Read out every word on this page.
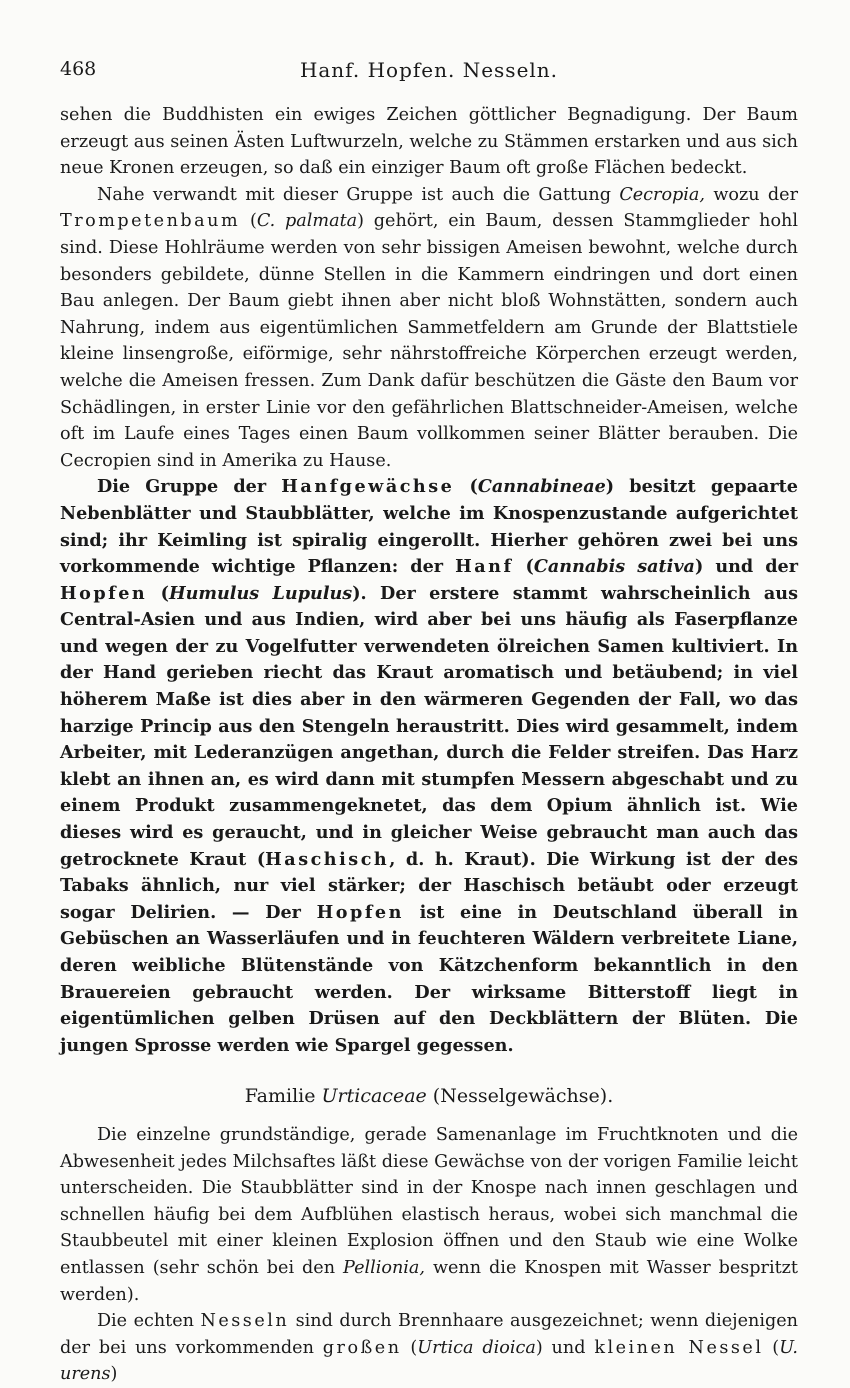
468	Hanf. Hopfen. Nesseln.

sehen die Buddhisten ein ewiges Zeichen göttlicher Begnadigung. Der Baum erzeugt aus seinen Ästen Luftwurzeln, welche zu Stämmen erstarken und aus sich neue Kronen erzeugen, so daß ein einziger Baum oft große Flächen bedeckt.

Nahe verwandt mit dieser Gruppe ist auch die Gattung Cecropia, wozu der Trompetenbaum (C. palmata) gehört, ein Baum, dessen Stammglieder hohl sind. Diese Hohlräume werden von sehr bissigen Ameisen bewohnt, welche durch besonders gebildete, dünne Stellen in die Kammern eindringen und dort einen Bau anlegen. Der Baum giebt ihnen aber nicht bloß Wohnstätten, sondern auch Nahrung, indem aus eigentümlichen Sammetfeldern am Grunde der Blattstiele kleine linsengroße, eiförmige, sehr nährstoffreiche Körperchen erzeugt werden, welche die Ameisen fressen. Zum Dank dafür beschützen die Gäste den Baum vor Schädlingen, in erster Linie vor den gefährlichen Blattschneider-Ameisen, welche oft im Laufe eines Tages einen Baum vollkommen seiner Blätter berauben. Die Cecropien sind in Amerika zu Hause.

Die Gruppe der Hanfgewächse (Cannabineae) besitzt gepaarte Nebenblätter und Staubblätter, welche im Knospenzustande aufgerichtet sind; ihr Keimling ist spiralig eingerollt. Hierher gehören zwei bei uns vorkommende wichtige Pflanzen: der Hanf (Cannabis sativa) und der Hopfen (Humulus Lupulus). Der erstere stammt wahrscheinlich aus Central-Asien und aus Indien, wird aber bei uns häufig als Faserpflanze und wegen der zu Vogelfutter verwendeten ölreichen Samen kultiviert. In der Hand gerieben riecht das Kraut aromatisch und betäubend; in viel höherem Maße ist dies aber in den wärmeren Gegenden der Fall, wo das harzige Princip aus den Stengeln heraustritt. Dies wird gesammelt, indem Arbeiter, mit Lederanzügen angethan, durch die Felder streifen. Das Harz klebt an ihnen an, es wird dann mit stumpfen Messern abgeschabt und zu einem Produkt zusammengeknetet, das dem Opium ähnlich ist. Wie dieses wird es geraucht, und in gleicher Weise gebraucht man auch das getrocknete Kraut (Haschisch, d. h. Kraut). Die Wirkung ist der des Tabaks ähnlich, nur viel stärker; der Haschisch betäubt oder erzeugt sogar Delirien. — Der Hopfen ist eine in Deutschland überall in Gebüschen an Wasserläufen und in feuchteren Wäldern verbreitete Liane, deren weibliche Blütenstände von Kätzchenform bekanntlich in den Brauereien gebraucht werden. Der wirksame Bitterstoff liegt in eigentümlichen gelben Drüsen auf den Deckblättern der Blüten. Die jungen Sprosse werden wie Spargel gegessen.

Familie Urticaceae (Nesselgewächse).

Die einzelne grundständige, gerade Samenanlage im Fruchtknoten und die Abwesenheit jedes Milchsaftes läßt diese Gewächse von der vorigen Familie leicht unterscheiden. Die Staubblätter sind in der Knospe nach innen geschlagen und schnellen häufig bei dem Aufblühen elastisch heraus, wobei sich manchmal die Staubbeutel mit einer kleinen Explosion öffnen und den Staub wie eine Wolke entlassen (sehr schön bei den Pellionia, wenn die Knospen mit Wasser bespritzt werden).

Die echten Nesseln sind durch Brennhaare ausgezeichnet; wenn diejenigen der bei uns vorkommenden großen (Urtica dioica) und kleinen Nessel (U. urens)
